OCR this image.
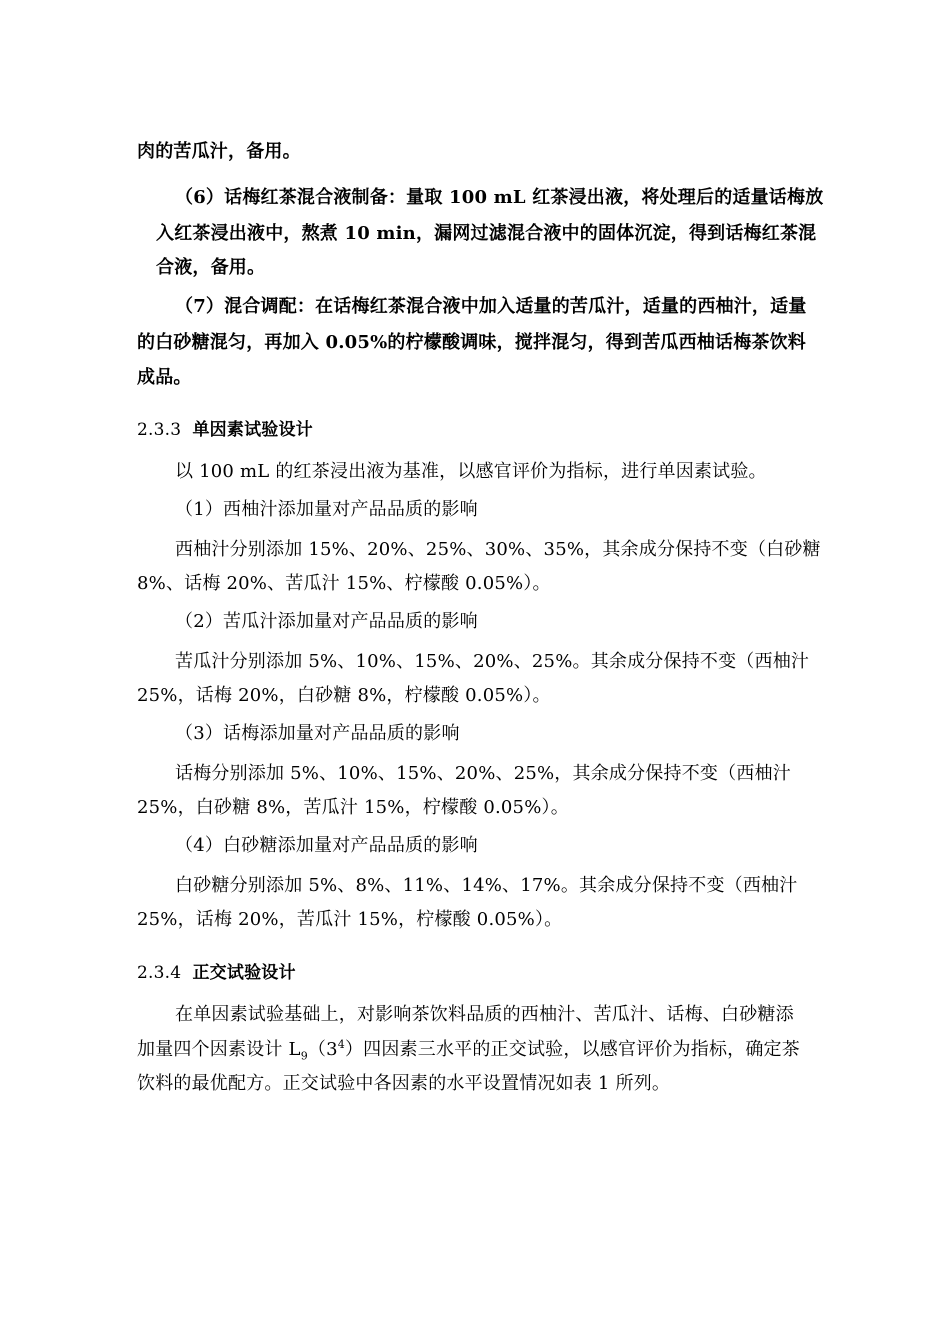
肉的苦瓜汁，备用。
（6）话梅红茶混合液制备：量取 100 mL 红茶浸出液，将处理后的适量话梅放
入红茶浸出液中，熬煮 10 min，漏网过滤混合液中的固体沉淀，得到话梅红茶混
合液，备用。
（7）混合调配：在话梅红茶混合液中加入适量的苦瓜汁，适量的西柚汁，适量
的白砂糖混匀，再加入 0.05%的柠檬酸调味，搅拌混匀，得到苦瓜西柚话梅茶饮料
成品。
2.3.3 单因素试验设计
以 100 mL 的红茶浸出液为基准，以感官评价为指标，进行单因素试验。
（1）西柚汁添加量对产品品质的影响
西柚汁分别添加 15%、20%、25%、30%、35%，其余成分保持不变（白砂糖
8%、话梅 20%、苦瓜汁 15%、柠檬酸 0.05%）。
（2）苦瓜汁添加量对产品品质的影响
苦瓜汁分别添加 5%、10%、15%、20%、25%。其余成分保持不变（西柚汁
25%，话梅 20%，白砂糖 8%，柠檬酸 0.05%）。
（3）话梅添加量对产品品质的影响
话梅分别添加 5%、10%、15%、20%、25%，其余成分保持不变（西柚汁
25%，白砂糖 8%，苦瓜汁 15%，柠檬酸 0.05%）。
（4）白砂糖添加量对产品品质的影响
白砂糖分别添加 5%、8%、11%、14%、17%。其余成分保持不变（西柚汁
25%，话梅 20%，苦瓜汁 15%，柠檬酸 0.05%）。
2.3.4 正交试验设计
在单因素试验基础上，对影响茶饮料品质的西柚汁、苦瓜汁、话梅、白砂糖添
加量四个因素设计 $L_9(3^4)$四因素三水平的正交试验，以感官评价为指标，确定茶
饮料的最优配方。正交试验中各因素的水平设置情况如表 1 所列。
